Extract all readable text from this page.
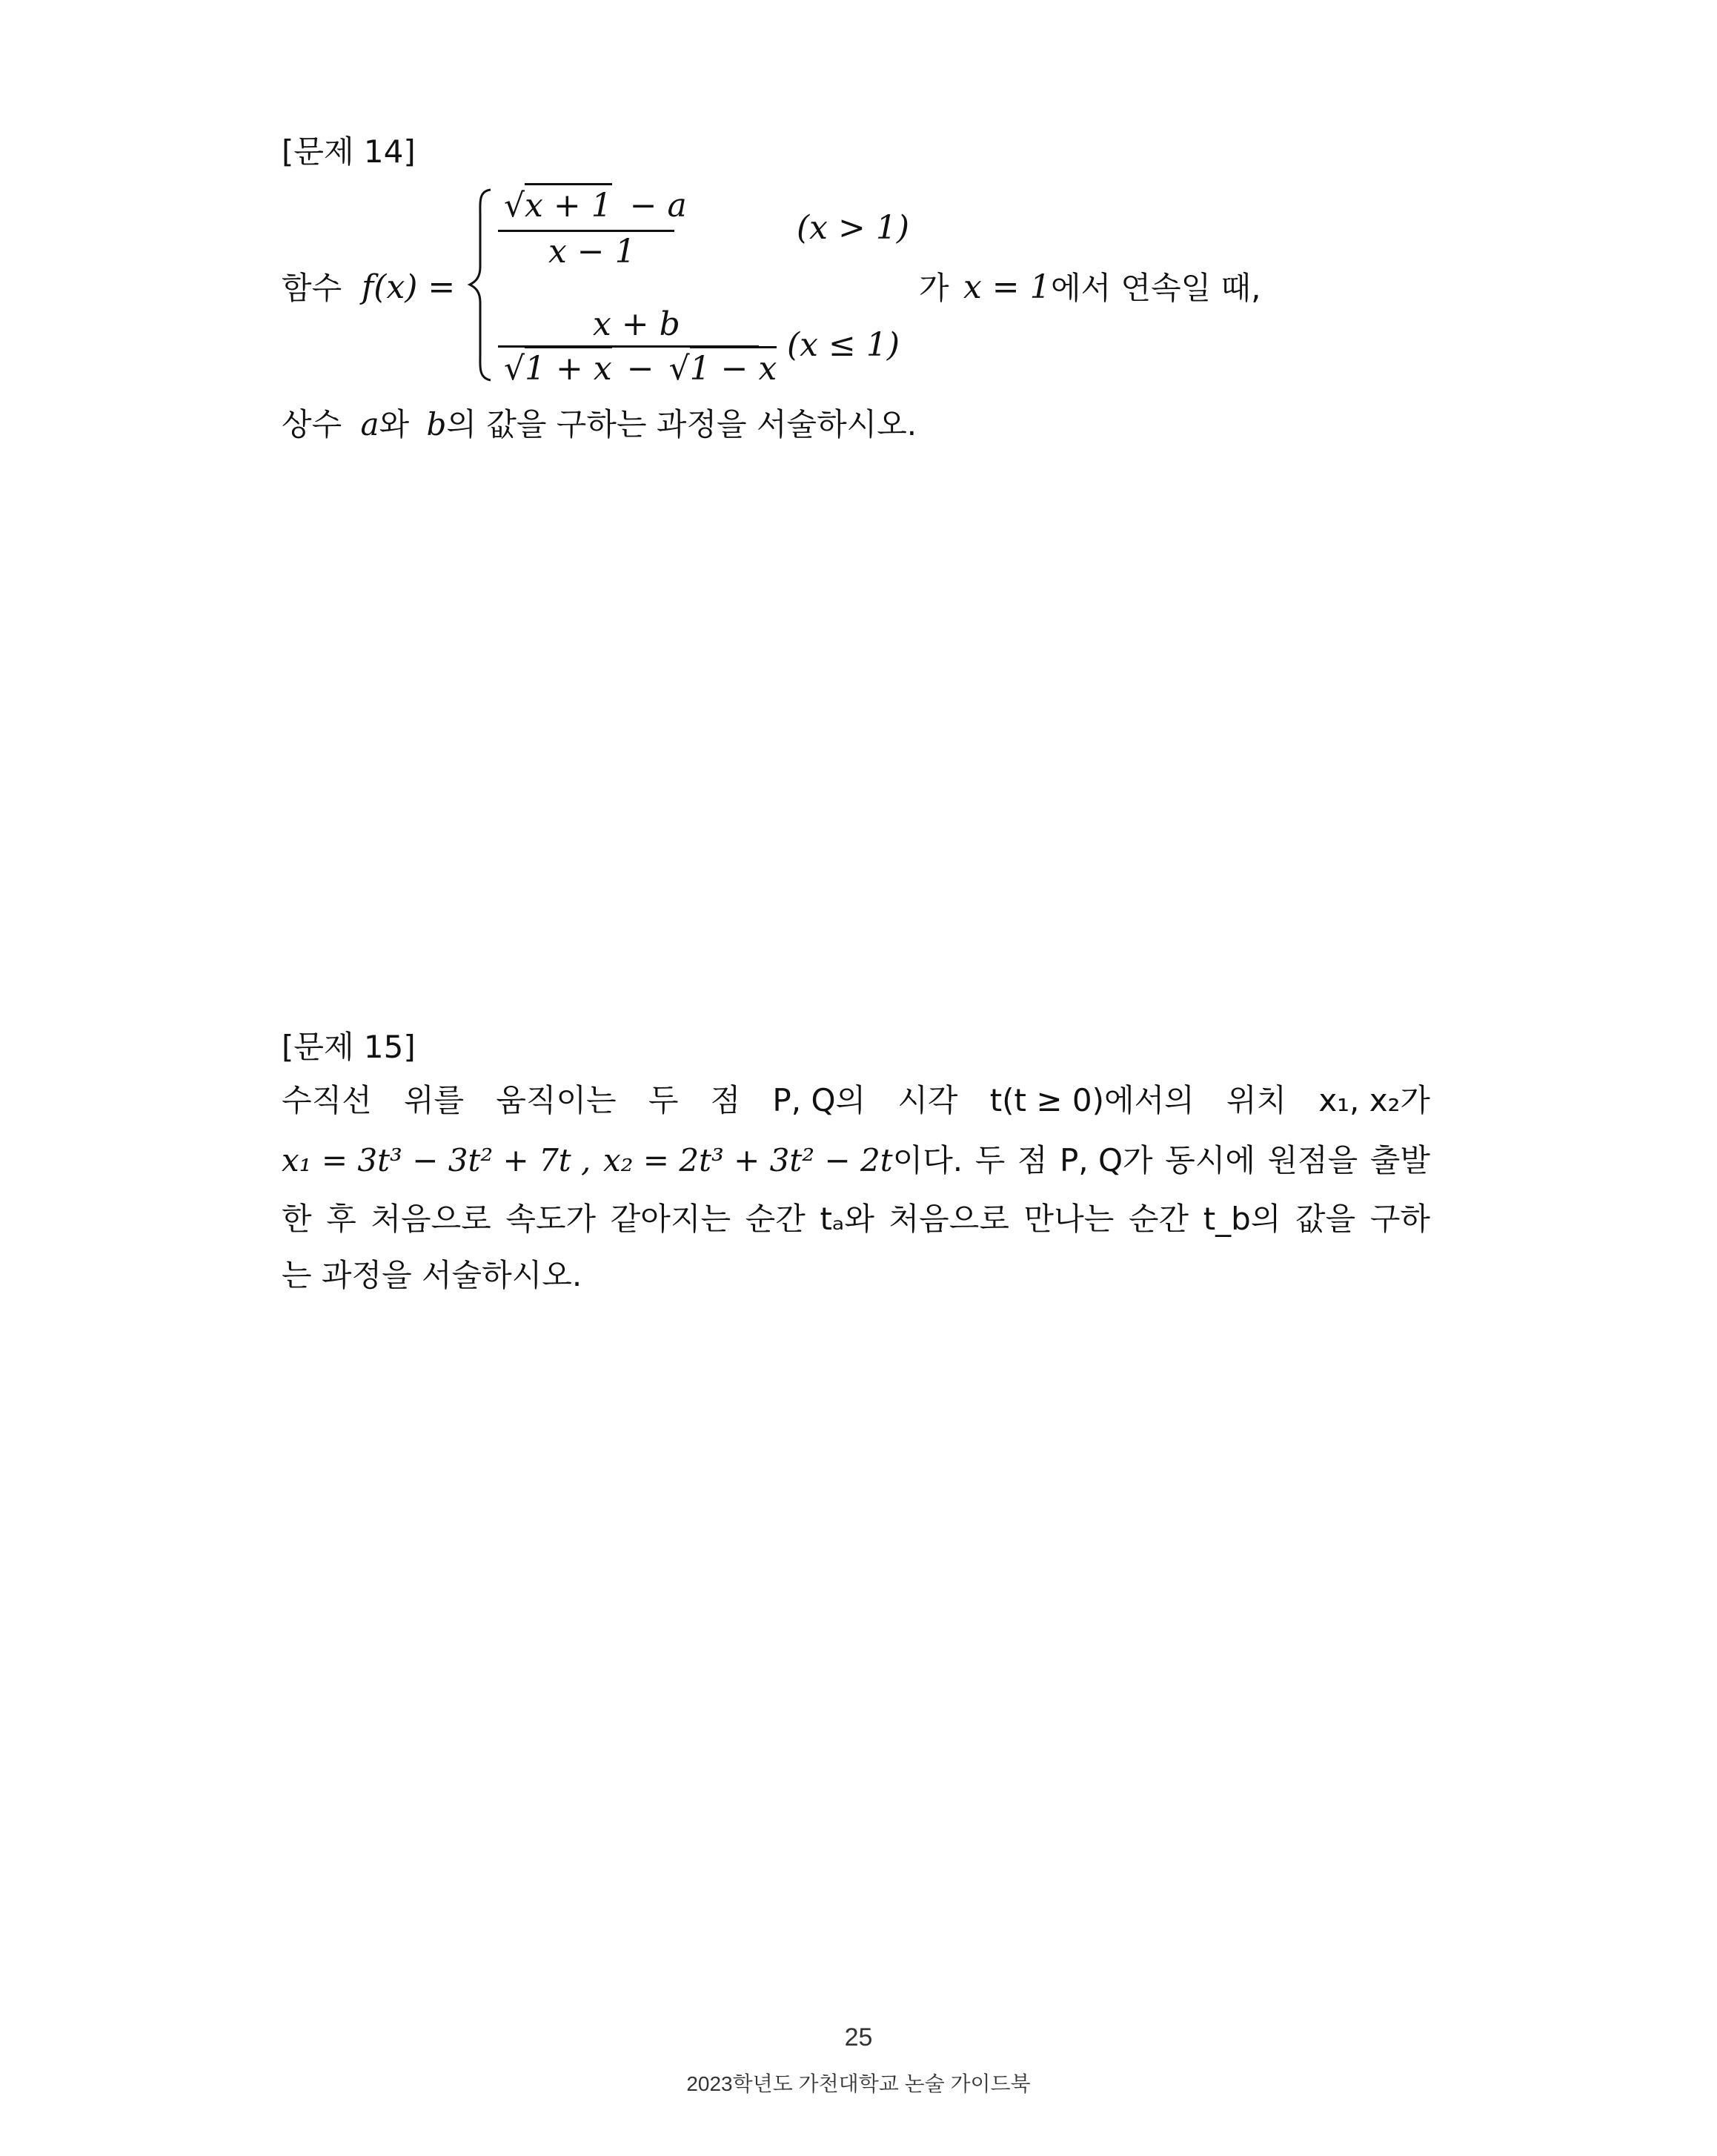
[문제 14]
함수 f(x) =
√x + 1 − a
x − 1
(x > 1)
x + b
√1 + x − √1 − x
(x ≤ 1)
가 x = 1 에서 연속일 때,
상수 a와 b의 값을 구하는 과정을 서술하시오.
[문제 15]
수직선 위를 움직이는 두 점 P, Q의 시각 t(t ≥ 0)에서의 위치 x₁, x₂가
x₁ = 3t³ − 3t² + 7t , x₂ = 2t³ + 3t² − 2t 이다. 두 점 P, Q가 동시에 원점을 출발
한 후 처음으로 속도가 같아지는 순간 tₐ와 처음으로 만나는 순간 t_b의 값을 구하
는 과정을 서술하시오.
25
2023학년도 가천대학교 논술 가이드북
